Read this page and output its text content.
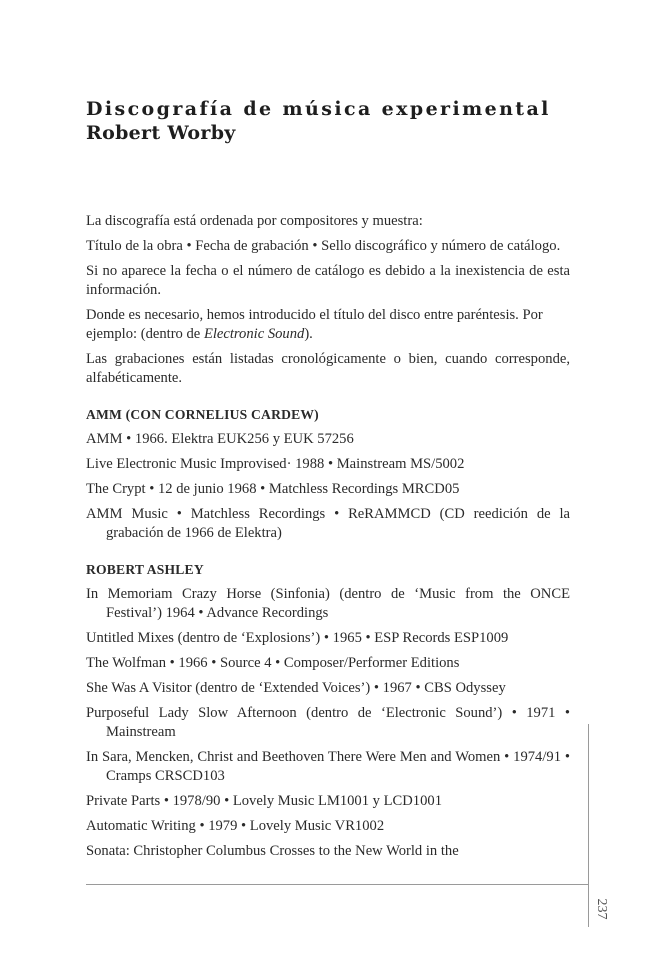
Discografía de música experimental
Robert Worby

La discografía está ordenada por compositores y muestra:

Título de la obra • Fecha de grabación • Sello discográfico y número de catálogo.

Si no aparece la fecha o el número de catálogo es debido a la inexistencia de esta información.

Donde es necesario, hemos introducido el título del disco entre paréntesis. Por ejemplo: (dentro de Electronic Sound).

Las grabaciones están listadas cronológicamente o bien, cuando corresponde, alfabéticamente.

AMM (CON CORNELIUS CARDEW)

AMM • 1966. Elektra EUK256 y EUK 57256

Live Electronic Music Improvised· 1988 • Mainstream MS/5002

The Crypt • 12 de junio 1968 • Matchless Recordings MRCD05

AMM Music • Matchless Recordings • ReRAMMCD (CD reedición de la grabación de 1966 de Elektra)

ROBERT ASHLEY

In Memoriam Crazy Horse (Sinfonia) (dentro de ‘Music from the ONCE Festival’) 1964 • Advance Recordings

Untitled Mixes (dentro de ‘Explosions’) • 1965 • ESP Records ESP1009

The Wolfman • 1966 • Source 4 • Composer/Performer Editions

She Was A Visitor (dentro de ‘Extended Voices’) • 1967 • CBS Odyssey

Purposeful Lady Slow Afternoon (dentro de ‘Electronic Sound’) • 1971 • Mainstream

In Sara, Mencken, Christ and Beethoven There Were Men and Women • 1974/91 • Cramps CRSCD103

Private Parts • 1978/90 • Lovely Music LM1001 y LCD1001

Automatic Writing • 1979 • Lovely Music VR1002

Sonata: Christopher Columbus Crosses to the New World in the

237
